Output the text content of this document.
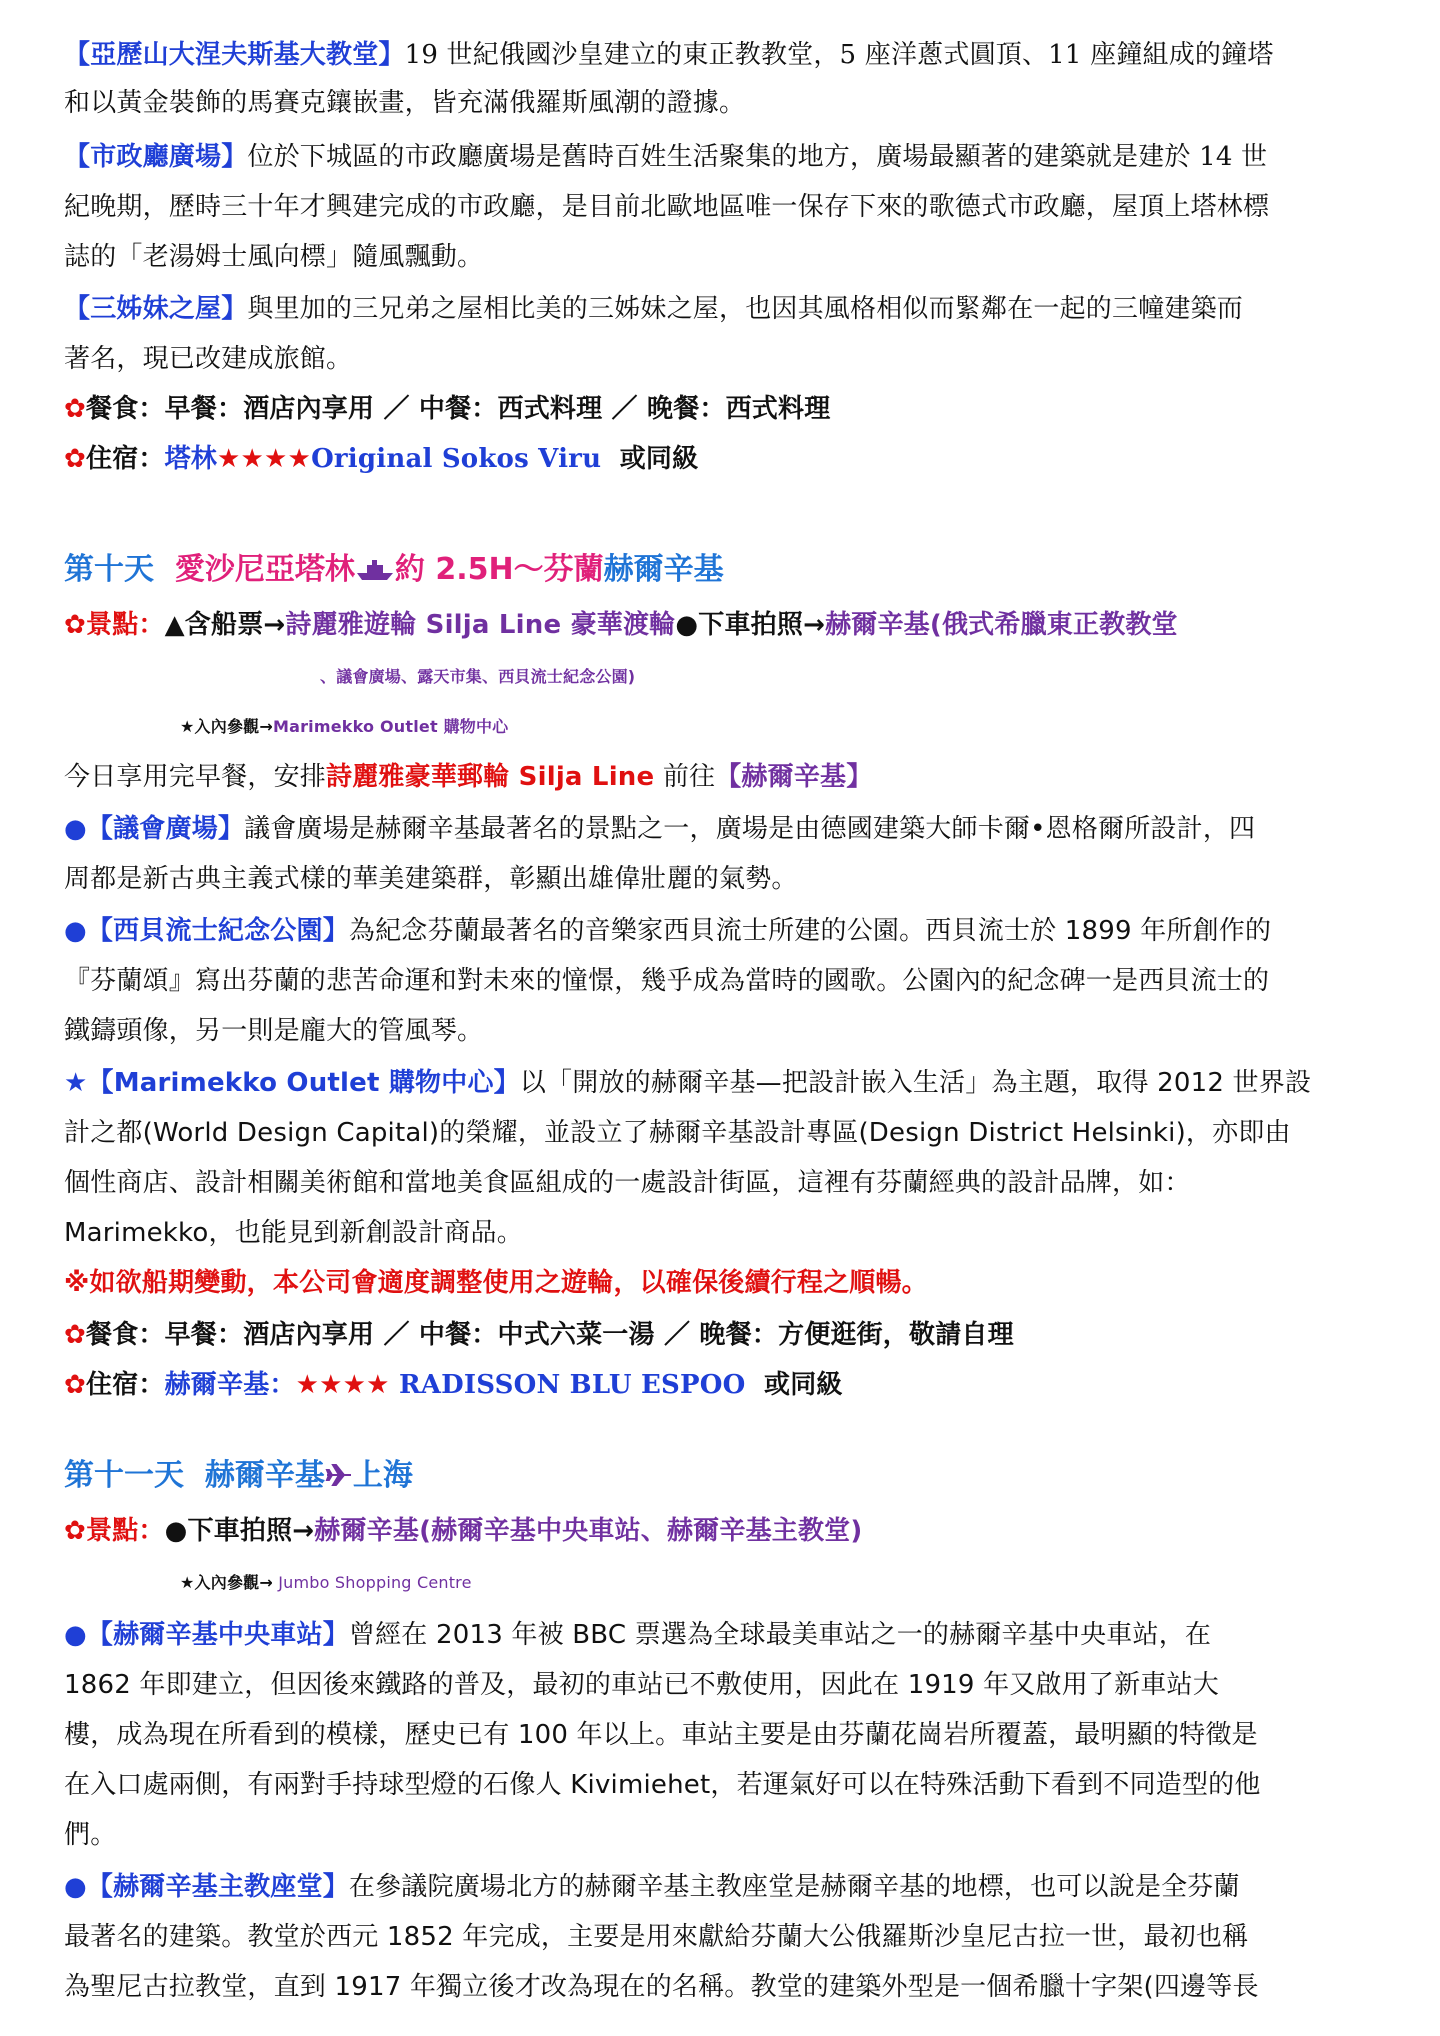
【亞歷山大涅夫斯基大教堂】19 世紀俄國沙皇建立的東正教教堂，5 座洋蔥式圓頂、11 座鐘組成的鐘塔
和以黃金裝飾的馬賽克鑲嵌畫，皆充滿俄羅斯風潮的證據。
【市政廳廣場】位於下城區的市政廳廣場是舊時百姓生活聚集的地方，廣場最顯著的建築就是建於 14 世
紀晚期，歷時三十年才興建完成的市政廳，是目前北歐地區唯一保存下來的歌德式市政廳，屋頂上塔林標
誌的「老湯姆士風向標」隨風飄動。
【三姊妹之屋】與里加的三兄弟之屋相比美的三姊妹之屋，也因其風格相似而緊鄰在一起的三幢建築而
著名，現已改建成旅館。
✿餐食：早餐：酒店內享用 ／ 中餐：西式料理 ／ 晚餐：西式料理
✿住宿：塔林★★★★Original Sokos Viru 或同級
第十天 愛沙尼亞塔林 約 2.5H～芬蘭赫爾辛基
✿景點：▲含船票→詩麗雅遊輪 Silja Line 豪華渡輪●下車拍照→赫爾辛基(俄式希臘東正教教堂
、議會廣場、露天市集、西貝流士紀念公園)
★入內參觀→Marimekko Outlet 購物中心
今日享用完早餐，安排詩麗雅豪華郵輪 Silja Line 前往【赫爾辛基】
●【議會廣場】議會廣場是赫爾辛基最著名的景點之一，廣場是由德國建築大師卡爾•恩格爾所設計，四
周都是新古典主義式樣的華美建築群，彰顯出雄偉壯麗的氣勢。
●【西貝流士紀念公園】為紀念芬蘭最著名的音樂家西貝流士所建的公園。西貝流士於 1899 年所創作的
『芬蘭頌』寫出芬蘭的悲苦命運和對未來的憧憬，幾乎成為當時的國歌。公園內的紀念碑一是西貝流士的
鐵鑄頭像，另一則是龐大的管風琴。
★【Marimekko Outlet 購物中心】以「開放的赫爾辛基—把設計嵌入生活」為主題，取得 2012 世界設
計之都(World Design Capital)的榮耀，並設立了赫爾辛基設計專區(Design District Helsinki)，亦即由
個性商店、設計相關美術館和當地美食區組成的一處設計街區，這裡有芬蘭經典的設計品牌，如：
Marimekko，也能見到新創設計商品。
※如欲船期變動，本公司會適度調整使用之遊輪，以確保後續行程之順暢。
✿餐食：早餐：酒店內享用 ／ 中餐：中式六菜一湯 ／ 晚餐：方便逛街，敬請自理
✿住宿：赫爾辛基：★★★★ RADISSON BLU ESPOO 或同級
第十一天 赫爾辛基 上海
✿景點：●下車拍照→赫爾辛基(赫爾辛基中央車站、赫爾辛基主教堂)
★入內參觀→ Jumbo Shopping Centre
●【赫爾辛基中央車站】曾經在 2013 年被 BBC 票選為全球最美車站之一的赫爾辛基中央車站，在
1862 年即建立，但因後來鐵路的普及，最初的車站已不敷使用，因此在 1919 年又啟用了新車站大
樓，成為現在所看到的模樣，歷史已有 100 年以上。車站主要是由芬蘭花崗岩所覆蓋，最明顯的特徵是
在入口處兩側，有兩對手持球型燈的石像人 Kivimiehet，若運氣好可以在特殊活動下看到不同造型的他
們。
●【赫爾辛基主教座堂】在參議院廣場北方的赫爾辛基主教座堂是赫爾辛基的地標，也可以說是全芬蘭
最著名的建築。教堂於西元 1852 年完成，主要是用來獻給芬蘭大公俄羅斯沙皇尼古拉一世，最初也稱
為聖尼古拉教堂，直到 1917 年獨立後才改為現在的名稱。教堂的建築外型是一個希臘十字架(四邊等長
